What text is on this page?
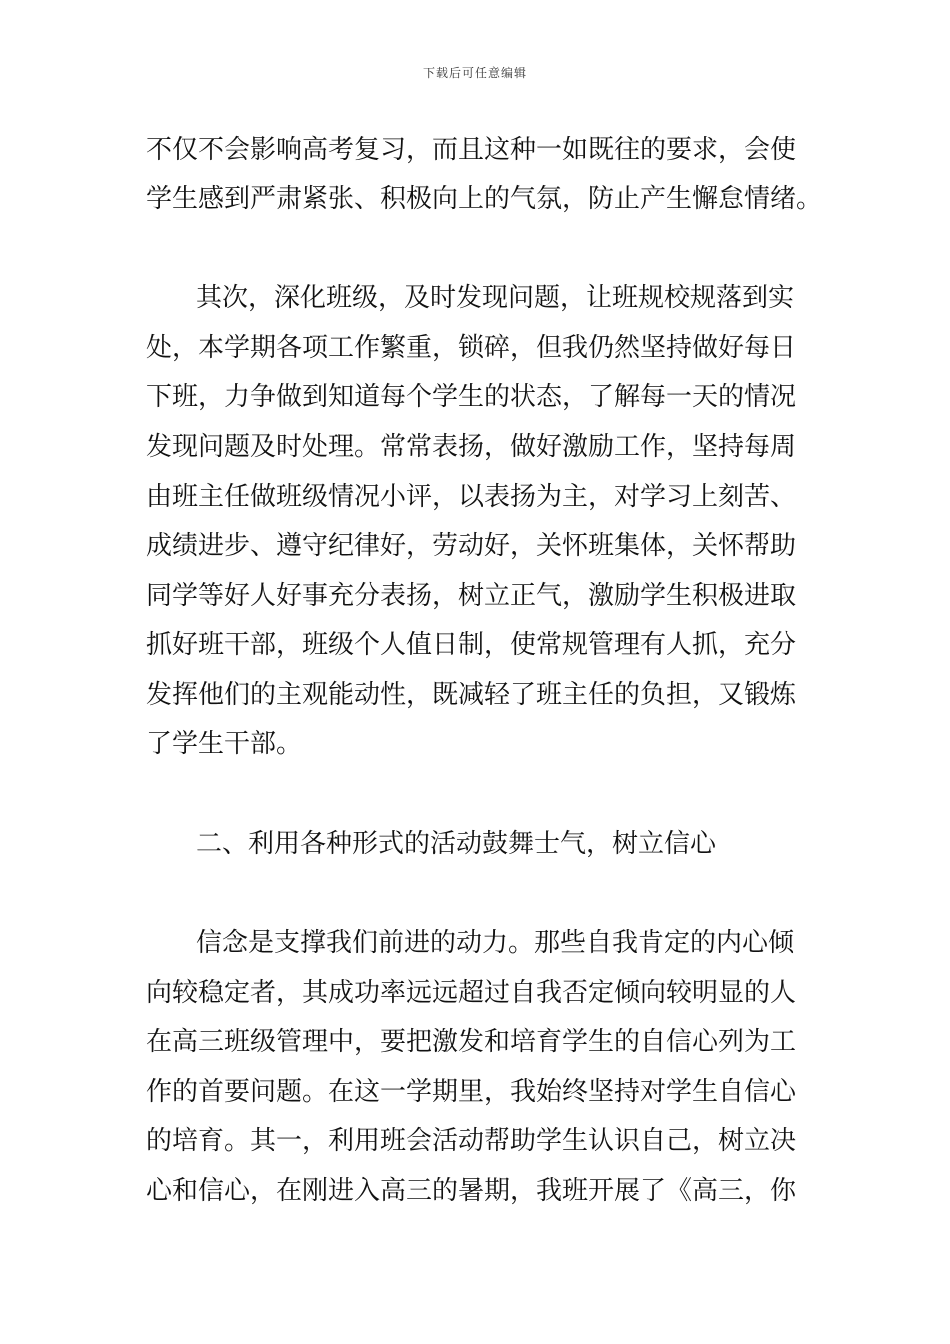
下载后可任意编辑
不仅不会影响高考复习，而且这种一如既往的要求，会使
学生感到严肃紧张、积极向上的气氛，防止产生懈怠情绪。
其次，深化班级，及时发现问题，让班规校规落到实
处，本学期各项工作繁重，锁碎，但我仍然坚持做好每日
下班，力争做到知道每个学生的状态，了解每一天的情况
发现问题及时处理。常常表扬，做好激励工作，坚持每周
由班主任做班级情况小评，以表扬为主，对学习上刻苦、
成绩进步、遵守纪律好，劳动好，关怀班集体，关怀帮助
同学等好人好事充分表扬，树立正气，激励学生积极进取
抓好班干部，班级个人值日制，使常规管理有人抓，充分
发挥他们的主观能动性，既减轻了班主任的负担，又锻炼
了学生干部。
二、利用各种形式的活动鼓舞士气，树立信心
信念是支撑我们前进的动力。那些自我肯定的内心倾
向较稳定者，其成功率远远超过自我否定倾向较明显的人
在高三班级管理中，要把激发和培育学生的自信心列为工
作的首要问题。在这一学期里，我始终坚持对学生自信心
的培育。其一，利用班会活动帮助学生认识自己，树立决
心和信心，在刚进入高三的暑期，我班开展了《高三，你
